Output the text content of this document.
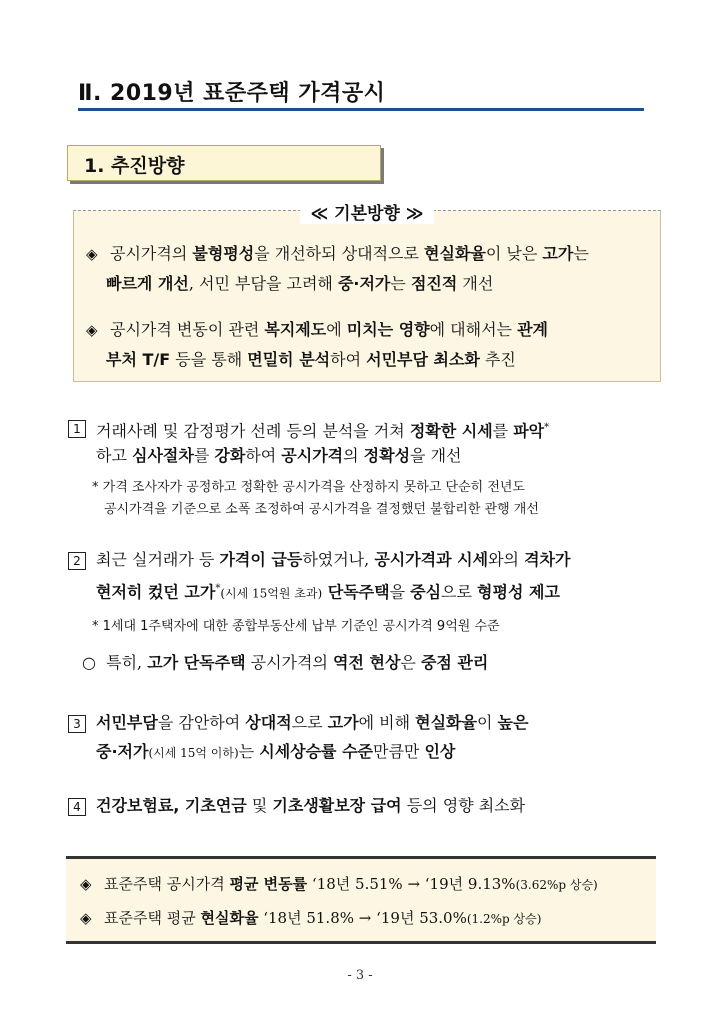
Ⅱ. 2019년 표준주택 가격공시
1. 추진방향
≪ 기본방향 ≫
◈ 공시가격의 불형평성을 개선하되 상대적으로 현실화율이 낮은 고가는
빠르게 개선, 서민 부담을 고려해 중·저가는 점진적 개선
◈ 공시가격 변동이 관련 복지제도에 미치는 영향에 대해서는 관계
부처 T/F 등을 통해 면밀히 분석하여 서민부담 최소화 추진
1 거래사례 및 감정평가 선례 등의 분석을 거쳐 정확한 시세를 파악*
하고 심사절차를 강화하여 공시가격의 정확성을 개선
* 가격 조사자가 공정하고 정확한 공시가격을 산정하지 못하고 단순히 전년도
공시가격을 기준으로 소폭 조정하여 공시가격을 결정했던 불합리한 관행 개선
2 최근 실거래가 등 가격이 급등하였거나, 공시가격과 시세와의 격차가
현저히 컸던 고가*(시세 15억원 초과) 단독주택을 중심으로 형평성 제고
* 1세대 1주택자에 대한 종합부동산세 납부 기준인 공시가격 9억원 수준
○ 특히, 고가 단독주택 공시가격의 역전 현상은 중점 관리
3 서민부담을 감안하여 상대적으로 고가에 비해 현실화율이 높은
중·저가(시세 15억 이하)는 시세상승률 수준만큼만 인상
4 건강보험료, 기초연금 및 기초생활보장 급여 등의 영향 최소화
◈ 표준주택 공시가격 평균 변동률 ‘18년 5.51% → ‘19년 9.13%(3.62%p 상승)
◈ 표준주택 평균 현실화율 ‘18년 51.8% → ‘19년 53.0%(1.2%p 상승)
- 3 -
